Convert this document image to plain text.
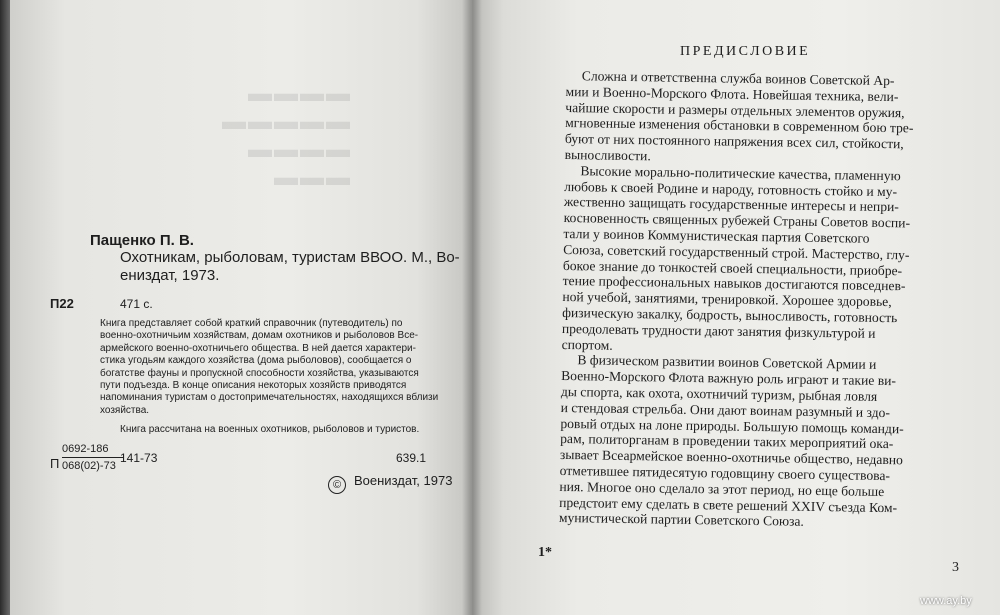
▬▬▬▬
▬▬▬▬▬
▬▬▬▬
▬▬▬
Пащенко П. В.
Охотникам, рыболовам, туристам ВВОО. М., Во-
ениздат, 1973.
П22	471 с.
Книга представляет собой краткий справочник (путеводитель) по
военно-охотничьим хозяйствам, домам охотников и рыболовов Все-
армейского военно-охотничьего общества. В ней дается характери-
стика угодьям каждого хозяйства (дома рыболовов), сообщается о
богатстве фауны и пропускной способности хозяйства, указываются
пути подъезда. В конце описания некоторых хозяйств приводятся
напоминания туристам о достопримечательностях, находящихся вблизи
хозяйства.
Книга рассчитана на военных охотников, рыболовов и туристов.
П
0692-186
068(02)-73
141-73	639.1
© Воениздат, 1973
ПРЕДИСЛОВИЕ
Сложна и ответственна служба воинов Советской Ар-
мии и Военно-Морского Флота. Новейшая техника, вели-
чайшие скорости и размеры отдельных элементов оружия,
мгновенные изменения обстановки в современном бою тре-
буют от них постоянного напряжения всех сил, стойкости,
выносливости.
Высокие морально-политические качества, пламенную
любовь к своей Родине и народу, готовность стойко и му-
жественно защищать государственные интересы и непри-
косновенность священных рубежей Страны Советов воспи-
тали у воинов Коммунистическая партия Советского
Союза, советский государственный строй. Мастерство, глу-
бокое знание до тонкостей своей специальности, приобре-
тение профессиональных навыков достигаются повседнев-
ной учебой, занятиями, тренировкой. Хорошее здоровье,
физическую закалку, бодрость, выносливость, готовность
преодолевать трудности дают занятия физкультурой и
спортом.
В физическом развитии воинов Советской Армии и
Военно-Морского Флота важную роль играют и такие ви-
ды спорта, как охота, охотничий туризм, рыбная ловля
и стендовая стрельба. Они дают воинам разумный и здо-
ровый отдых на лоне природы. Большую помощь команди-
рам, политорганам в проведении таких мероприятий ока-
зывает Всеармейское военно-охотничье общество, недавно
отметившее пятидесятую годовщину своего существова-
ния. Многое оно сделало за этот период, но еще больше
предстоит ему сделать в свете решений XXIV съезда Ком-
мунистической партии Советского Союза.
1*
3
www.ay.by
